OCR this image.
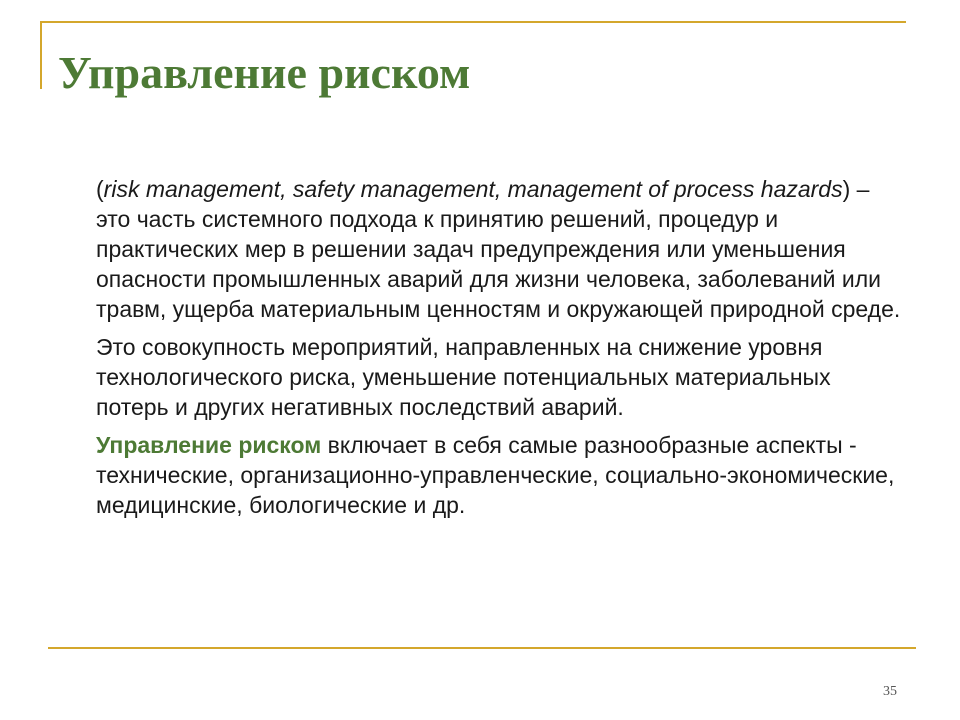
Управление риском

(risk management, safety management, management of process hazards) – это часть системного подхода к принятию решений, процедур и практических мер в решении задач предупреждения или уменьшения опасности промышленных аварий для жизни человека, заболеваний или травм, ущерба материальным ценностям и окружающей природной среде.

Это совокупность мероприятий, направленных на снижение уровня технологического риска, уменьшение потенциальных материальных потерь и других негативных последствий аварий.

Управление риском включает в себя самые разнообразные аспекты - технические, организационно-управленческие, социально-экономические, медицинские, биологические и др.

35
